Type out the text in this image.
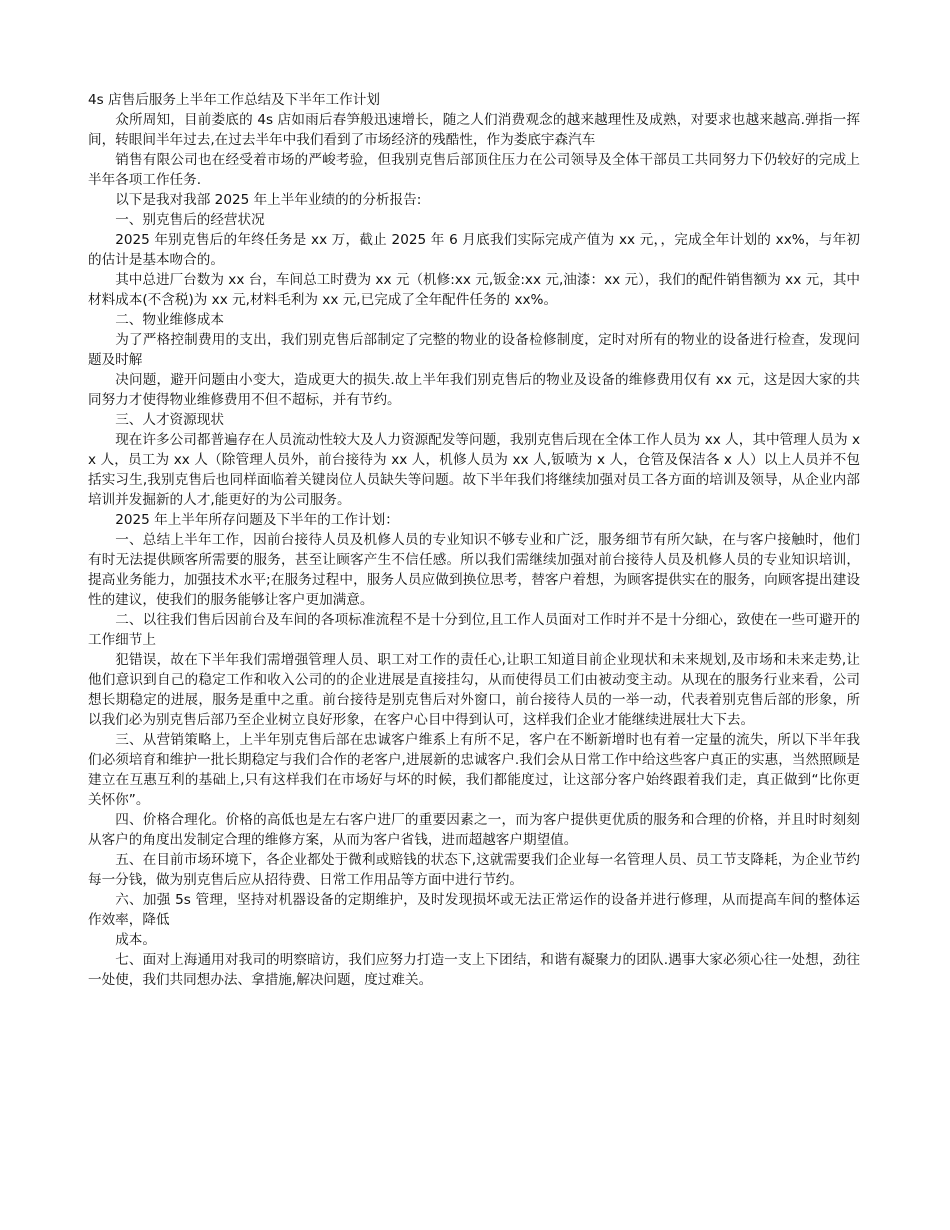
4s 店售后服务上半年工作总结及下半年工作计划

众所周知，目前娄底的 4s 店如雨后春笋般迅速增长，随之人们消费观念的越来越理性及成熟，对要求也越来越高.弹指一挥间，转眼间半年过去,在过去半年中我们看到了市场经济的残酷性，作为娄底宇森汽车

销售有限公司也在经受着市场的严峻考验，但我别克售后部顶住压力在公司领导及全体干部员工共同努力下仍较好的完成上半年各项工作任务.

以下是我对我部 2025 年上半年业绩的的分析报告:

一、别克售后的经营状况

2025 年别克售后的年终任务是 xx 万，截止 2025 年 6 月底我们实际完成产值为 xx 元，，完成全年计划的 xx%，与年初的估计是基本吻合的。

其中总进厂台数为 xx 台，车间总工时费为 xx 元（机修:xx 元,钣金:xx 元,油漆：xx 元），我们的配件销售额为 xx 元，其中材料成本(不含税)为 xx 元,材料毛利为 xx 元,已完成了全年配件任务的 xx%。

二、物业维修成本

为了严格控制费用的支出，我们别克售后部制定了完整的物业的设备检修制度，定时对所有的物业的设备进行检查，发现问题及时解

决问题，避开问题由小变大，造成更大的损失.故上半年我们别克售后的物业及设备的维修费用仅有 xx 元，这是因大家的共同努力才使得物业维修费用不但不超标，并有节约。

三、人才资源现状

现在许多公司都普遍存在人员流动性较大及人力资源配发等问题，我别克售后现在全体工作人员为 xx 人，其中管理人员为 xx 人，员工为 xx 人（除管理人员外，前台接待为 xx 人，机修人员为 xx 人,钣喷为 x 人，仓管及保洁各 x 人）以上人员并不包括实习生,我别克售后也同样面临着关键岗位人员缺失等问题。故下半年我们将继续加强对员工各方面的培训及领导，从企业内部培训并发掘新的人才,能更好的为公司服务。

2025 年上半年所存问题及下半年的工作计划：

一、总结上半年工作，因前台接待人员及机修人员的专业知识不够专业和广泛，服务细节有所欠缺，在与客户接触时，他们有时无法提供顾客所需要的服务，甚至让顾客产生不信任感。所以我们需继续加强对前台接待人员及机修人员的专业知识培训，提高业务能力，加强技术水平;在服务过程中，服务人员应做到换位思考，替客户着想，为顾客提供实在的服务，向顾客提出建设性的建议，使我们的服务能够让客户更加满意。

二、以往我们售后因前台及车间的各项标准流程不是十分到位,且工作人员面对工作时并不是十分细心，致使在一些可避开的工作细节上

犯错误，故在下半年我们需增强管理人员、职工对工作的责任心,让职工知道目前企业现状和未来规划,及市场和未来走势,让他们意识到自己的稳定工作和收入公司的的企业进展是直接挂勾，从而使得员工们由被动变主动。从现在的服务行业来看，公司想长期稳定的进展，服务是重中之重。前台接待是别克售后对外窗口，前台接待人员的一举一动，代表着别克售后部的形象，所以我们必为别克售后部乃至企业树立良好形象，在客户心目中得到认可，这样我们企业才能继续进展壮大下去。

三、从营销策略上，上半年别克售后部在忠诚客户维系上有所不足，客户在不断新增时也有着一定量的流失，所以下半年我们必须培育和维护一批长期稳定与我们合作的老客户,进展新的忠诚客户.我们会从日常工作中给这些客户真正的实惠，当然照顾是建立在互惠互利的基础上,只有这样我们在市场好与坏的时候，我们都能度过，让这部分客户始终跟着我们走，真正做到“比你更关怀你”。

四、价格合理化。价格的高低也是左右客户进厂的重要因素之一，而为客户提供更优质的服务和合理的价格，并且时时刻刻从客户的角度出发制定合理的维修方案，从而为客户省钱，进而超越客户期望值。

五、在目前市场环境下，各企业都处于微利或赔钱的状态下,这就需要我们企业每一名管理人员、员工节支降耗，为企业节约每一分钱，做为别克售后应从招待费、日常工作用品等方面中进行节约。

六、加强 5s 管理，坚持对机器设备的定期维护，及时发现损坏或无法正常运作的设备并进行修理，从而提高车间的整体运作效率，降低

成本。

七、面对上海通用对我司的明察暗访，我们应努力打造一支上下团结，和谐有凝聚力的团队.遇事大家必须心往一处想，劲往一处使，我们共同想办法、拿措施,解决问题，度过难关。
